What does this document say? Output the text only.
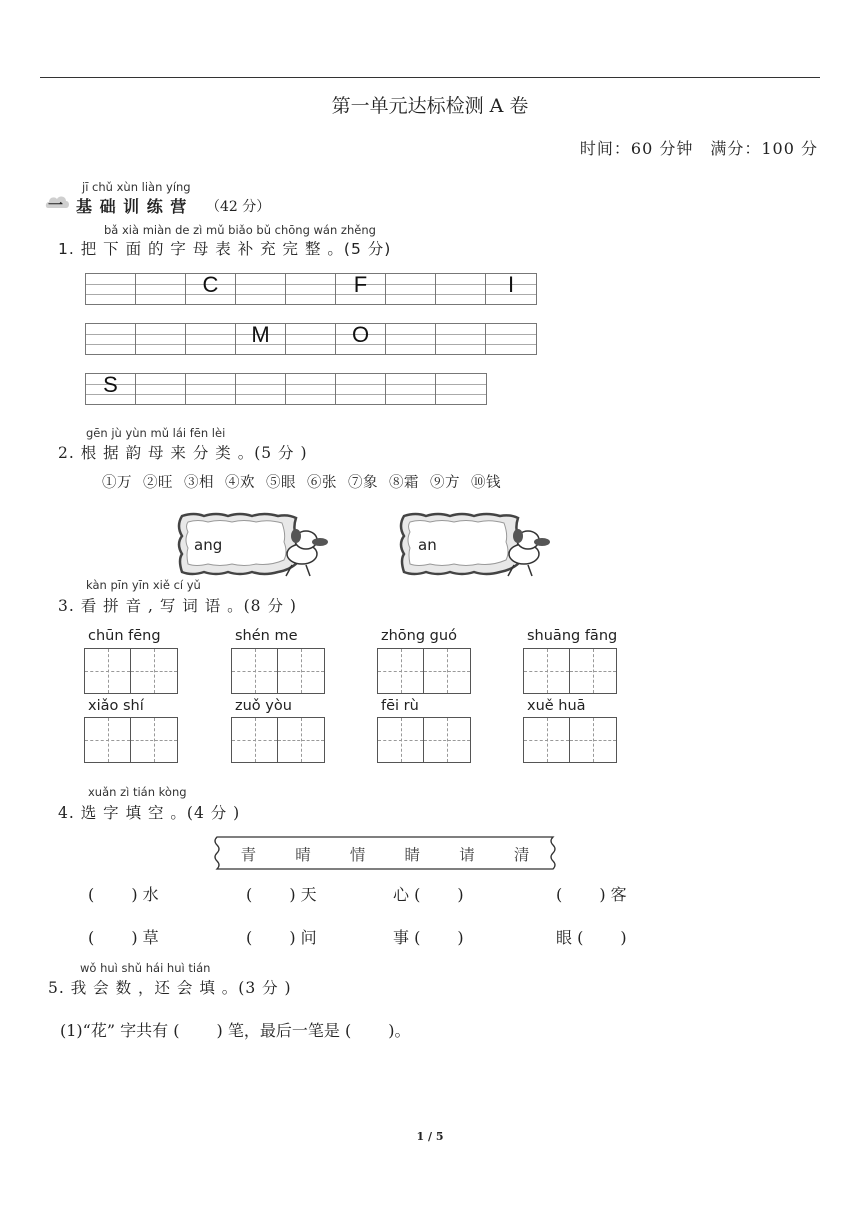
第一单元达标检测 A 卷
时间：60 分钟　满分：100 分
jī chǔ xùn liàn yíng
一 基 础 训 练 营 （42 分）
bǎ xià miàn de zì mǔ biǎo bǔ chōng wán zhěng
1. 把 下 面 的 字 母 表 补 充 完 整 。(5 分)
C	F	I
M	O
S
gēn jù yùn mǔ lái fēn lèi
2. 根 据 韵 母 来 分 类 。(5 分 )
①万 ②旺 ③相 ④欢 ⑤眼 ⑥张 ⑦象 ⑧霜 ⑨方 ⑩钱
ang	an
kàn pīn yīn xiě cí yǔ
3. 看 拼 音 , 写 词 语 。(8 分 )
chūn fēng	shén me	zhōng guó	shuāng fāng
xiǎo shí	zuǒ yòu	fēi rù	xuě huā
xuǎn zì tián kòng
4. 选 字 填 空 。(4 分 )
青	晴	情	睛	请	清
(　　 ) 水	(　　 ) 天	心 (　　 )	(　　 ) 客
(　　 ) 草	(　　 ) 问	事 (　　 )	眼 (　　 )
wǒ huì shǔ hái huì tián
5. 我 会 数 ，还 会 填 。(3 分 )
(1)“花” 字共有 (　　 ) 笔，最后一笔是 (　　 )。
1 / 5
